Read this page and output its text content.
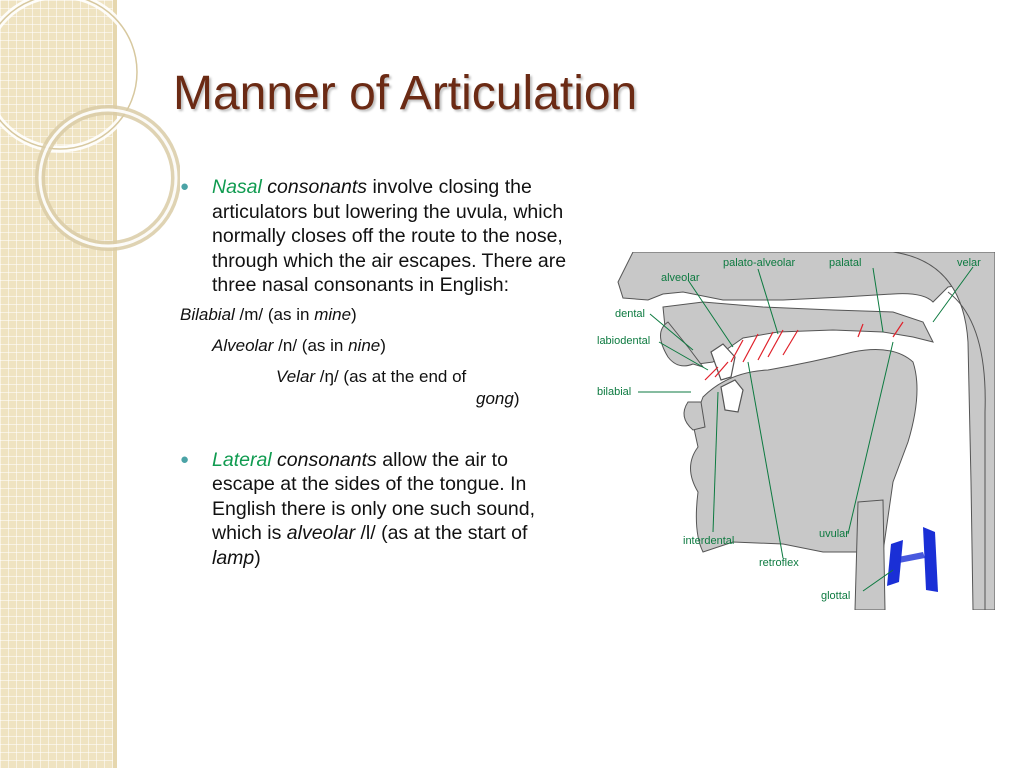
Manner of Articulation
● Nasal consonants involve closing the articulators but lowering the uvula, which normally closes off the route to the nose, through which the air escapes. There are three nasal consonants in English:
Bilabial /m/ (as in mine)
Alveolar /n/ (as in nine)
Velar /ŋ/ (as at the end of
gong)
● Lateral consonants allow the air to escape at the sides of the tongue. In English there is only one such sound, which is alveolar /l/ (as at the start of lamp)
alveolar
palato-alveolar	palatal	velar
dental
labiodental
bilabial
interdental
retroflex
uvular
glottal
